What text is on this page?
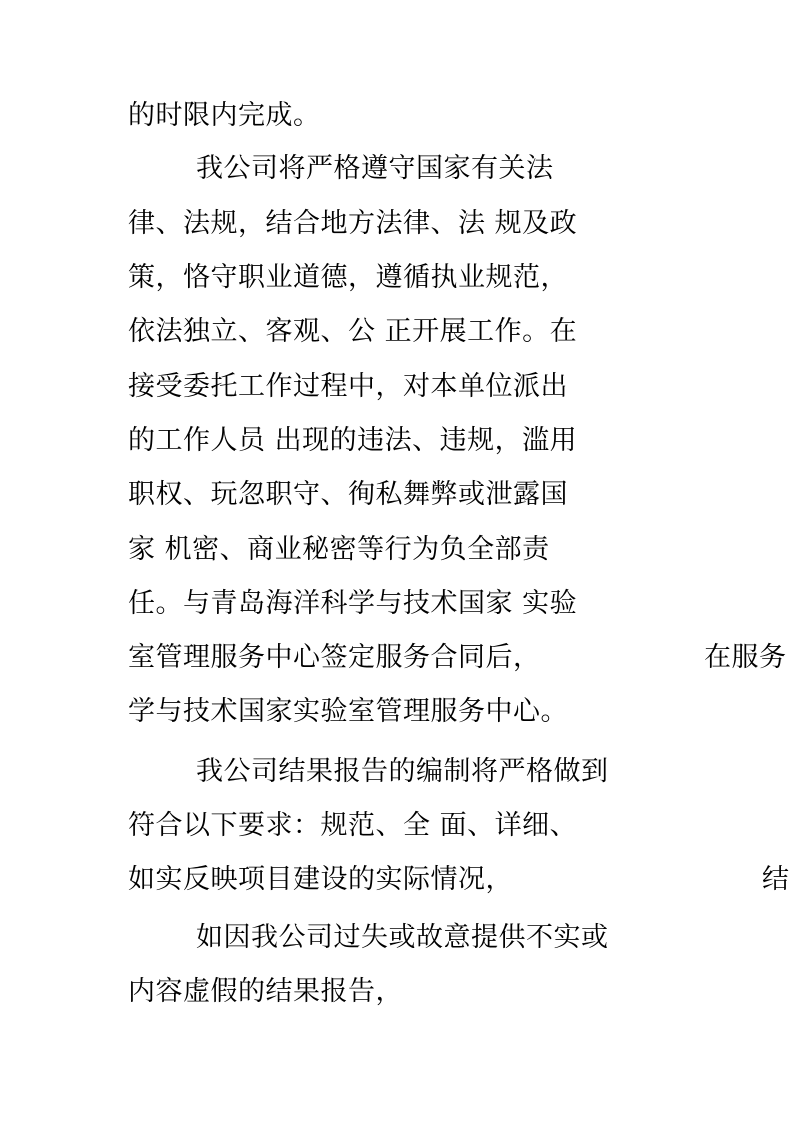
的时限内完成。
我公司将严格遵守国家有关法
律、法规，结合地方法律、法 规及政
策，恪守职业道德，遵循执业规范，
依法独立、客观、公 正开展工作。在
接受委托工作过程中，对本单位派出
的工作人员 出现的违法、违规，滥用
职权、玩忽职守、徇私舞弊或泄露国
家 机密、商业秘密等行为负全部责
任。与青岛海洋科学与技术国家 实验
室管理服务中心签定服务合同后，	在服务
学与技术国家实验室管理服务中心。
我公司结果报告的编制将严格做到
符合以下要求：规范、全 面、详细、
如实反映项目建设的实际情况，	结
如因我公司过失或故意提供不实或
内容虚假的结果报告，
